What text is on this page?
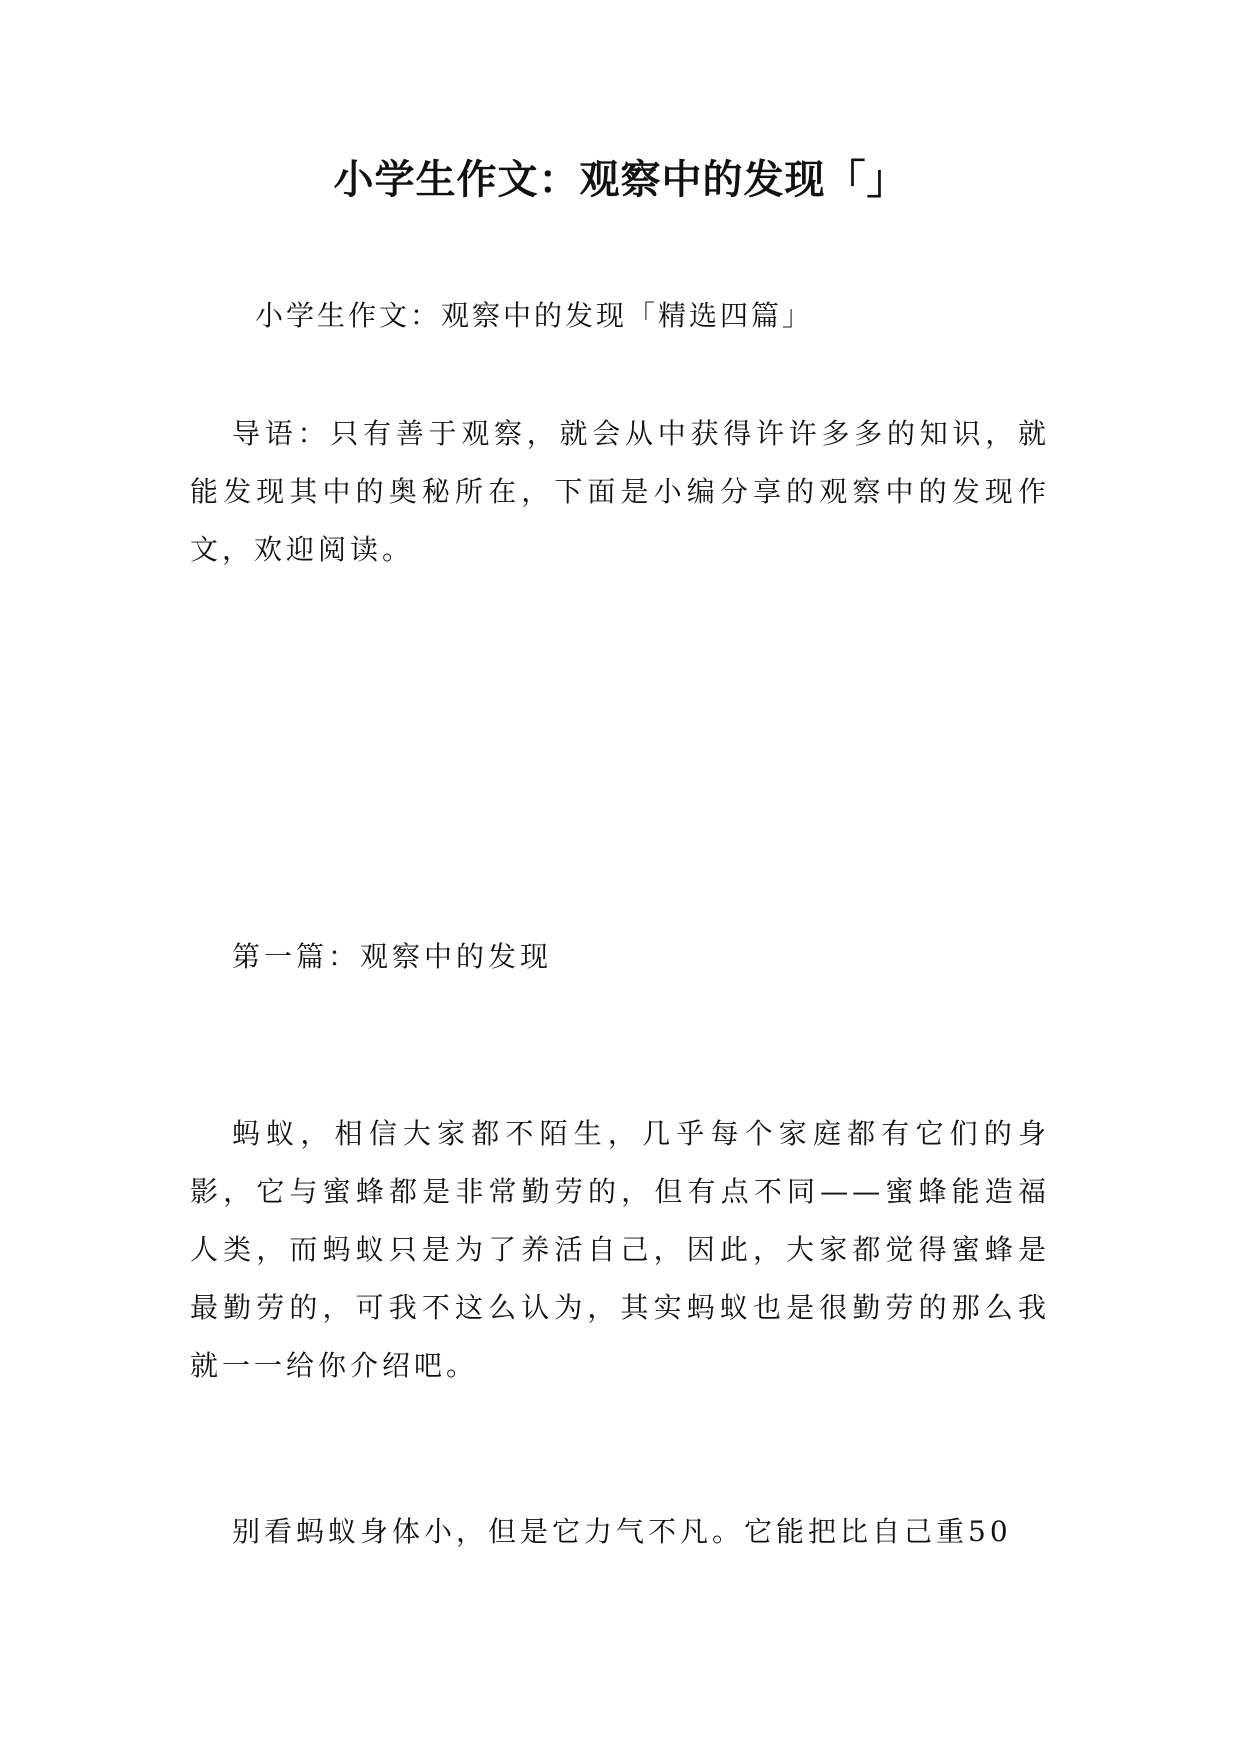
小学生作文：观察中的发现「」
小学生作文：观察中的发现「精选四篇」

导语：只有善于观察，就会从中获得许许多多的知识，就能发现其中的奥秘所在，下面是小编分享的观察中的发现作文，欢迎阅读。

第一篇：观察中的发现

蚂蚁，相信大家都不陌生，几乎每个家庭都有它们的身影，它与蜜蜂都是非常勤劳的，但有点不同——蜜蜂能造福人类，而蚂蚁只是为了养活自己，因此，大家都觉得蜜蜂是最勤劳的，可我不这么认为，其实蚂蚁也是很勤劳的那么我就一一给你介绍吧。

别看蚂蚁身体小，但是它力气不凡。它能把比自己重50
